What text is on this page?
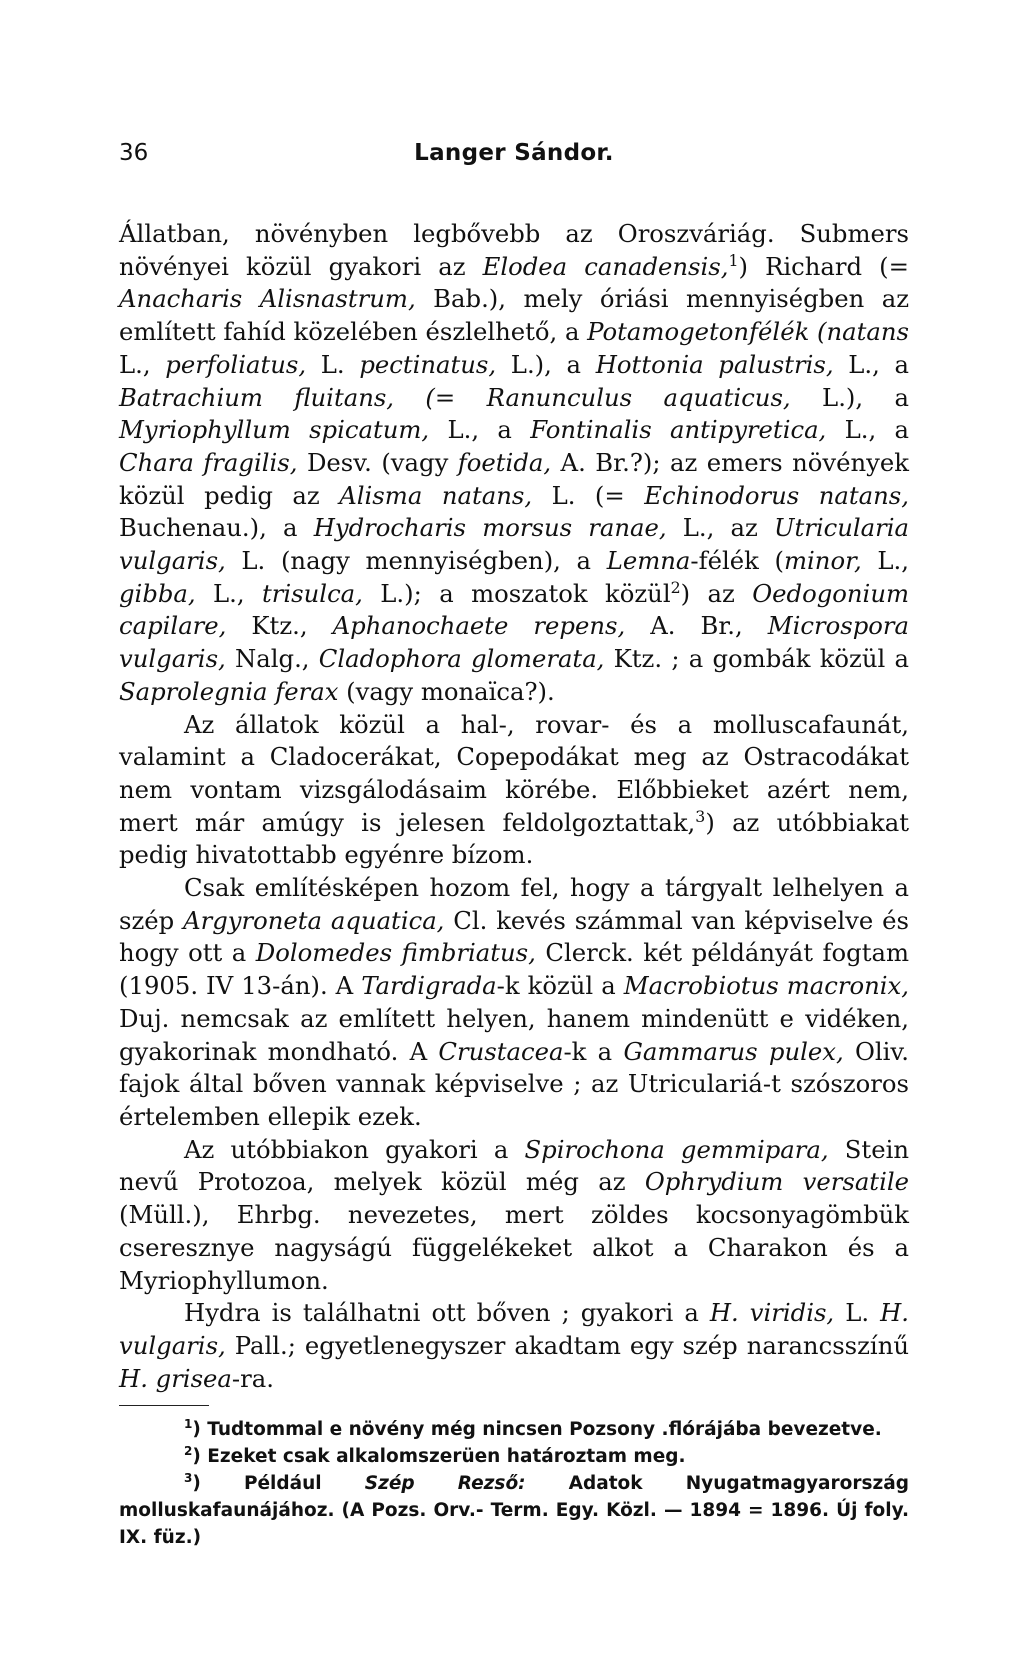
36	Langer Sándor.

Állatban, növényben legbővebb az Oroszváriág. Submers növényei közül gyakori az Elodea canadensis,$^1$) Richard (= Anacharis Alisnastrum, Bab.), mely óriási mennyiségben az említett fahíd közelében észlelhető, a Potamogetonfélék (natans L., perfoliatus, L. pectinatus, L.), a Hottonia palustris, L., a Batrachium fluitans, (= Ranunculus aquaticus, L.), a Myriophyllum spicatum, L., a Fontinalis antipyretica, L., a Chara fragilis, Desv. (vagy foetida, A. Br.?); az emers növények közül pedig az Alisma natans, L. (= Echinodorus natans, Buchenau.), a Hydrocharis morsus ranae, L., az Utricularia vulgaris, L. (nagy mennyiségben), a Lemna-félék (minor, L., gibba, L., trisulca, L.); a moszatok közül$^2$) az Oedogonium capilare, Ktz., Aphanochaete repens, A. Br., Microspora vulgaris, Nalg., Cladophora glomerata, Ktz. ; a gombák közül a Saprolegnia ferax (vagy monaïca?).

Az állatok közül a hal-, rovar- és a molluscafaunát, valamint a Cladocerákat, Copepodákat meg az Ostracodákat nem vontam vizsgálodásaim körébe. Előbbieket azért nem, mert már amúgy is jelesen feldolgoztattak,$^3$) az utóbbiakat pedig hivatottabb egyénre bízom.

Csak említésképen hozom fel, hogy a tárgyalt lelhelyen a szép Argyroneta aquatica, Cl. kevés számmal van képviselve és hogy ott a Dolomedes fimbriatus, Clerck. két példányát fogtam (1905. IV 13-án). A Tardigrada-k közül a Macrobiotus macronix, Duj. nemcsak az említett helyen, hanem mindenütt e vidéken, gyakorinak mondható. A Crustacea-k a Gammarus pulex, Oliv. fajok által bőven vannak képviselve ; az Utriculariá-t szószoros értelemben ellepik ezek.

Az utóbbiakon gyakori a Spirochona gemmipara, Stein nevű Protozoa, melyek közül még az Ophrydium versatile (Müll.), Ehrbg. nevezetes, mert zöldes kocsonyagömbük cseresznye nagyságú függelékeket alkot a Charakon és a Myriophyllumon.

Hydra is találhatni ott bőven ; gyakori a H. viridis, L. H. vulgaris, Pall.; egyetlenegyszer akadtam egy szép narancsszínű H. grisea-ra.

$^1$) Tudtommal e növény még nincsen Pozsony .flórájába bevezetve.

$^2$) Ezeket csak alkalomszerüen határoztam meg.

$^3$) Például Szép Rezső: Adatok Nyugatmagyarország molluskafaunájához. (A Pozs. Orv.- Term. Egy. Közl. — 1894 = 1896. Új foly. IX. füz.)
